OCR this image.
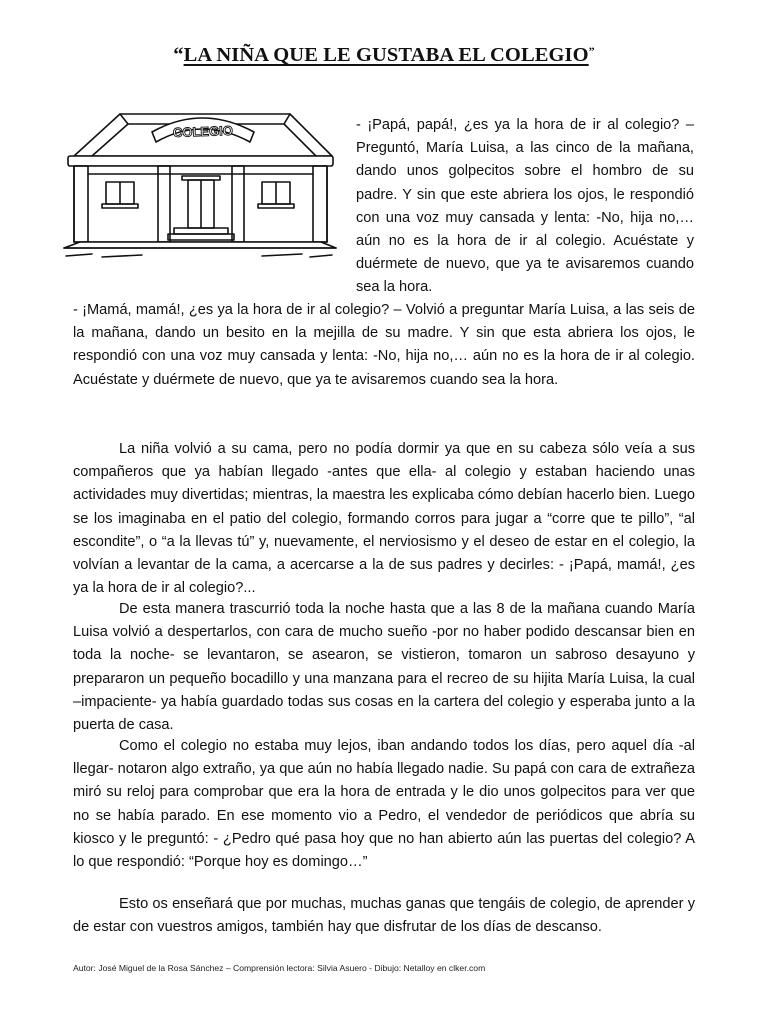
“LA NIÑA QUE LE GUSTABA EL COLEGIO”
COLEGIO	- ¡Papá, papá!, ¿es ya la hora de ir al colegio? – Preguntó, María Luisa, a las cinco de la mañana, dando unos golpecitos sobre el hombro de su padre. Y sin que este abriera los ojos, le respondió con una voz muy cansada y lenta: -No, hija no,… aún no es la hora de ir al colegio. Acuéstate y duérmete de nuevo, que ya te avisaremos cuando sea la hora.

- ¡Mamá, mamá!, ¿es ya la hora de ir al colegio? – Volvió a preguntar María Luisa, a las seis de la mañana, dando un besito en la mejilla de su madre. Y sin que esta abriera los ojos, le respondió con una voz muy cansada y lenta: -No, hija no,… aún no es la hora de ir al colegio. Acuéstate y duérmete de nuevo, que ya te avisaremos cuando sea la hora.

La niña volvió a su cama, pero no podía dormir ya que en su cabeza sólo veía a sus compañeros que ya habían llegado -antes que ella- al colegio y estaban haciendo unas actividades muy divertidas; mientras, la maestra les explicaba cómo debían hacerlo bien. Luego se los imaginaba en el patio del colegio, formando corros para jugar a “corre que te pillo”, “al escondite”, o “a la llevas tú” y, nuevamente, el nerviosismo y el deseo de estar en el colegio, la volvían a levantar de la cama, a acercarse a la de sus padres y decirles: - ¡Papá, mamá!, ¿es ya la hora de ir al colegio?...

De esta manera trascurrió toda la noche hasta que a las 8 de la mañana cuando María Luisa volvió a despertarlos, con cara de mucho sueño -por no haber podido descansar bien en toda la noche- se levantaron, se asearon, se vistieron, tomaron un sabroso desayuno y prepararon un pequeño bocadillo y una manzana para el recreo de su hijita María Luisa, la cual –impaciente- ya había guardado todas sus cosas en la cartera del colegio y esperaba junto a la puerta de casa.

Como el colegio no estaba muy lejos, iban andando todos los días, pero aquel día -al llegar- notaron algo extraño, ya que aún no había llegado nadie. Su papá con cara de extrañeza miró su reloj para comprobar que era la hora de entrada y le dio unos golpecitos para ver que no se había parado. En ese momento vio a Pedro, el vendedor de periódicos que abría su kiosco y le preguntó: - ¿Pedro qué pasa hoy que no han abierto aún las puertas del colegio? A lo que respondió: “Porque hoy es domingo…”

Esto os enseñará que por muchas, muchas ganas que tengáis de colegio, de aprender y de estar con vuestros amigos, también hay que disfrutar de los días de descanso.

Autor: José Miguel de la Rosa Sánchez – Comprensión lectora: Silvia Asuero - Dibujo: Netalloy en clker.com
